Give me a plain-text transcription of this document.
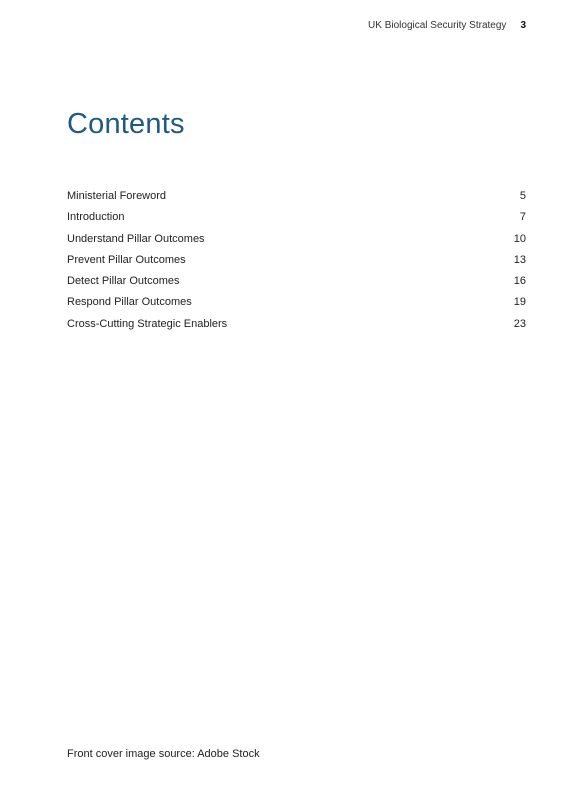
UK Biological Security Strategy 3
Contents
Ministerial Foreword	5
Introduction	7
Understand Pillar Outcomes	10
Prevent Pillar Outcomes	13
Detect Pillar Outcomes	16
Respond Pillar Outcomes	19
Cross-Cutting Strategic Enablers	23
Front cover image source: Adobe Stock
